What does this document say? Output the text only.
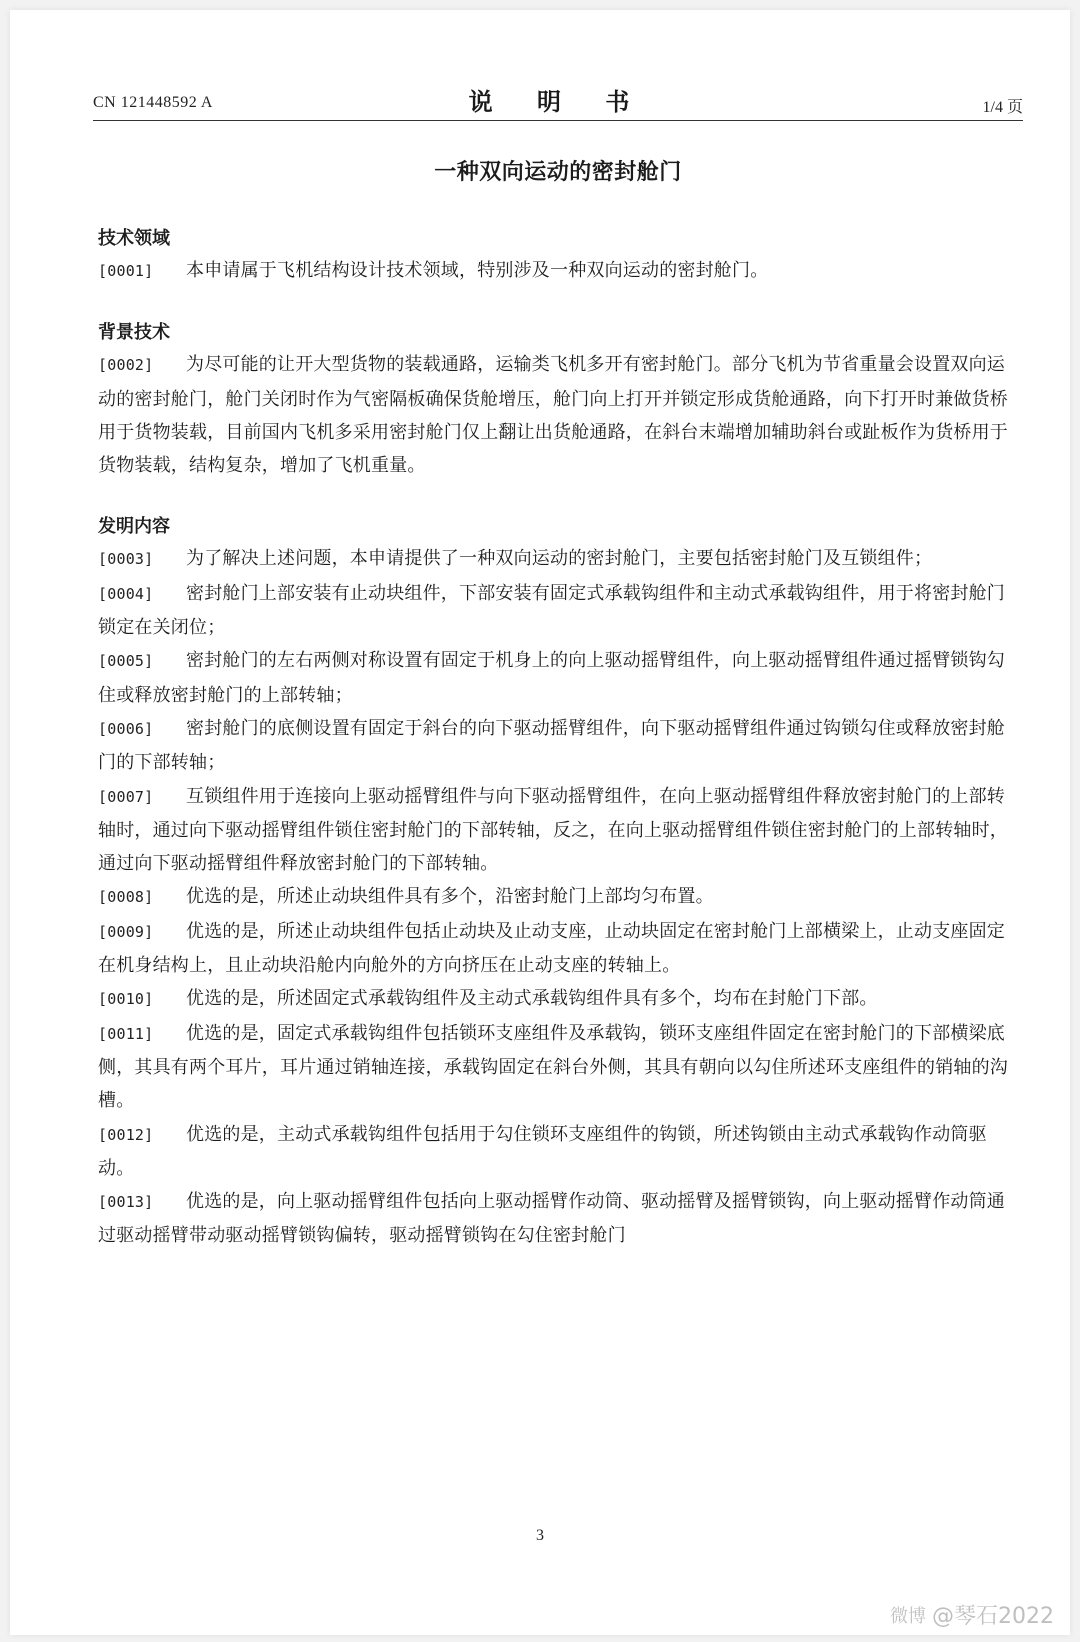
CN 121448592 A	说 明 书	1/4 页
一种双向运动的密封舱门
技术领域

[0001] 本申请属于飞机结构设计技术领域，特别涉及一种双向运动的密封舱门。

背景技术

[0002] 为尽可能的让开大型货物的装载通路，运输类飞机多开有密封舱门。部分飞机为节省重量会设置双向运动的密封舱门，舱门关闭时作为气密隔板确保货舱增压，舱门向上打开并锁定形成货舱通路，向下打开时兼做货桥用于货物装载，目前国内飞机多采用密封舱门仅上翻让出货舱通路，在斜台末端增加辅助斜台或趾板作为货桥用于货物装载，结构复杂，增加了飞机重量。

发明内容

[0003] 为了解决上述问题，本申请提供了一种双向运动的密封舱门，主要包括密封舱门及互锁组件；

[0004] 密封舱门上部安装有止动块组件，下部安装有固定式承载钩组件和主动式承载钩组件，用于将密封舱门锁定在关闭位；

[0005] 密封舱门的左右两侧对称设置有固定于机身上的向上驱动摇臂组件，向上驱动摇臂组件通过摇臂锁钩勾住或释放密封舱门的上部转轴；

[0006] 密封舱门的底侧设置有固定于斜台的向下驱动摇臂组件，向下驱动摇臂组件通过钩锁勾住或释放密封舱门的下部转轴；

[0007] 互锁组件用于连接向上驱动摇臂组件与向下驱动摇臂组件，在向上驱动摇臂组件释放密封舱门的上部转轴时，通过向下驱动摇臂组件锁住密封舱门的下部转轴，反之，在向上驱动摇臂组件锁住密封舱门的上部转轴时，通过向下驱动摇臂组件释放密封舱门的下部转轴。

[0008] 优选的是，所述止动块组件具有多个，沿密封舱门上部均匀布置。

[0009] 优选的是，所述止动块组件包括止动块及止动支座，止动块固定在密封舱门上部横梁上，止动支座固定在机身结构上，且止动块沿舱内向舱外的方向挤压在止动支座的转轴上。

[0010] 优选的是，所述固定式承载钩组件及主动式承载钩组件具有多个，均布在封舱门下部。

[0011] 优选的是，固定式承载钩组件包括锁环支座组件及承载钩，锁环支座组件固定在密封舱门的下部横梁底侧，其具有两个耳片，耳片通过销轴连接，承载钩固定在斜台外侧，其具有朝向以勾住所述环支座组件的销轴的沟槽。

[0012] 优选的是，主动式承载钩组件包括用于勾住锁环支座组件的钩锁，所述钩锁由主动式承载钩作动筒驱动。

[0013] 优选的是，向上驱动摇臂组件包括向上驱动摇臂作动筒、驱动摇臂及摇臂锁钩，向上驱动摇臂作动筒通过驱动摇臂带动驱动摇臂锁钩偏转，驱动摇臂锁钩在勾住密封舱门

3
微博 @琴石2022
